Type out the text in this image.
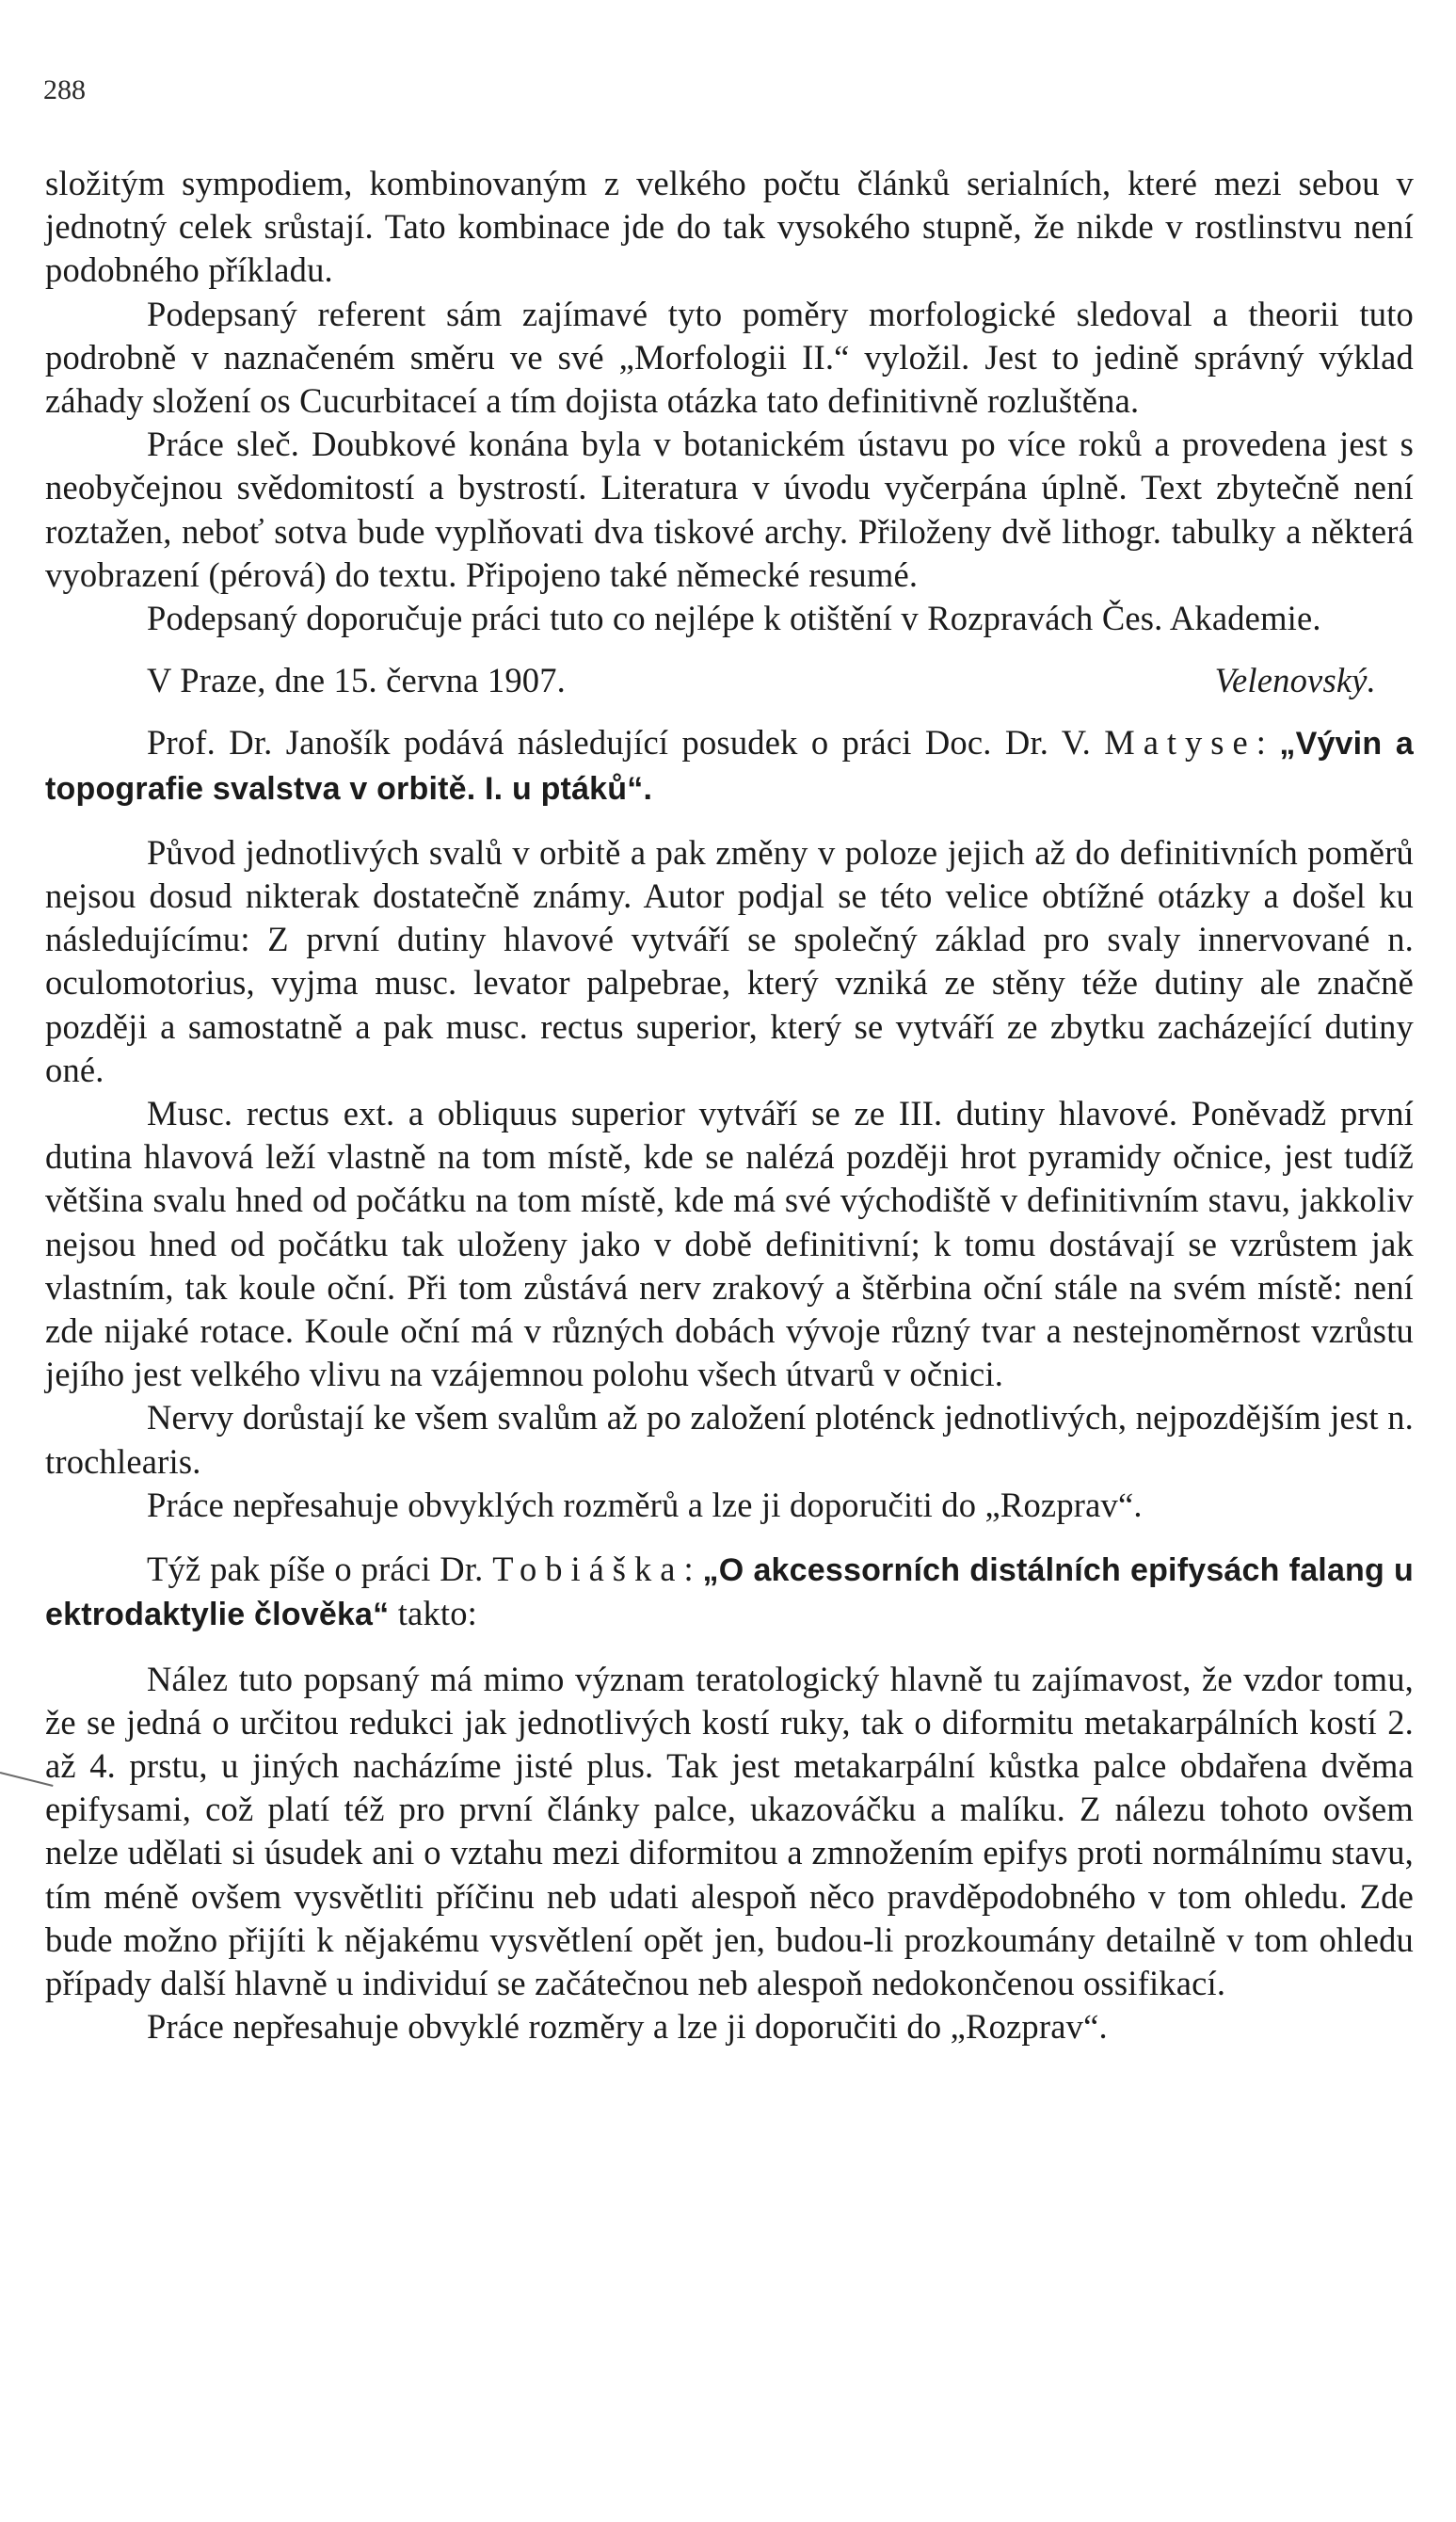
288

složitým sympodiem, kombinovaným z velkého počtu článků serialních, které mezi sebou v jednotný celek srůstají. Tato kombinace jde do tak vysokého stupně, že nikde v rostlinstvu není podobného příkladu.

Podepsaný referent sám zajímavé tyto poměry morfologické sledoval a theorii tuto podrobně v naznačeném směru ve své „Morfologii II.“ vyložil. Jest to jedině správný výklad záhady složení os Cucurbitaceí a tím dojista otázka tato definitivně rozluštěna.

Práce sleč. Doubkové konána byla v botanickém ústavu po více roků a provedena jest s neobyčejnou svědomitostí a bystrostí. Literatura v úvodu vyčerpána úplně. Text zbytečně není roztažen, neboť sotva bude vyplňovati dva tiskové archy. Přiloženy dvě lithogr. tabulky a některá vyobrazení (pérová) do textu. Připojeno také německé resumé.

Podepsaný doporučuje práci tuto co nejlépe k otištění v Rozpravách Čes. Akademie.

V Praze, dne 15. června 1907.	Velenovský.

Prof. Dr. Janošík podává následující posudek o práci Doc. Dr. V. Matyse: „Vývin a topografie svalstva v orbitě. I. u ptáků“.

Původ jednotlivých svalů v orbitě a pak změny v poloze jejich až do definitivních poměrů nejsou dosud nikterak dostatečně známy. Autor podjal se této velice obtížné otázky a došel ku následujícímu: Z první dutiny hlavové vytváří se společný základ pro svaly innervované n. oculomotorius, vyjma musc. levator palpebrae, který vzniká ze stěny téže dutiny ale značně později a samostatně a pak musc. rectus superior, který se vytváří ze zbytku zacházející dutiny oné.

Musc. rectus ext. a obliquus superior vytváří se ze III. dutiny hlavové. Poněvadž první dutina hlavová leží vlastně na tom místě, kde se nalézá později hrot pyramidy očnice, jest tudíž většina svalu hned od počátku na tom místě, kde má své východiště v definitivním stavu, jakkoliv nejsou hned od počátku tak uloženy jako v době definitivní; k tomu dostávají se vzrůstem jak vlastním, tak koule oční. Při tom zůstává nerv zrakový a štěrbina oční stále na svém místě: není zde nijaké rotace. Koule oční má v různých dobách vývoje různý tvar a nestejnoměrnost vzrůstu jejího jest velkého vlivu na vzájemnou polohu všech útvarů v očnici.

Nervy dorůstají ke všem svalům až po založení ploténck jednotlivých, nejpozdějším jest n. trochlearis.

Práce nepřesahuje obvyklých rozměrů a lze ji doporučiti do „Rozprav“.

Týž pak píše o práci Dr. Tobiáška: „O akcessorních distálních epifysách falang u ektrodaktylie člověka“ takto:

Nález tuto popsaný má mimo význam teratologický hlavně tu zajímavost, že vzdor tomu, že se jedná o určitou redukci jak jednotlivých kostí ruky, tak o diformitu metakarpálních kostí 2. až 4. prstu, u jiných nacházíme jisté plus. Tak jest metakarpální kůstka palce obdařena dvěma epifysami, což platí též pro první články palce, ukazováčku a malíku. Z nálezu tohoto ovšem nelze udělati si úsudek ani o vztahu mezi diformitou a zmnožením epifys proti normálnímu stavu, tím méně ovšem vysvětliti příčinu neb udati alespoň něco pravděpodobného v tom ohledu. Zde bude možno přijíti k nějakému vysvětlení opět jen, budou-li prozkoumány detailně v tom ohledu případy další hlavně u individuí se začátečnou neb alespoň nedokončenou ossifikací.

Práce nepřesahuje obvyklé rozměry a lze ji doporučiti do „Rozprav“.
